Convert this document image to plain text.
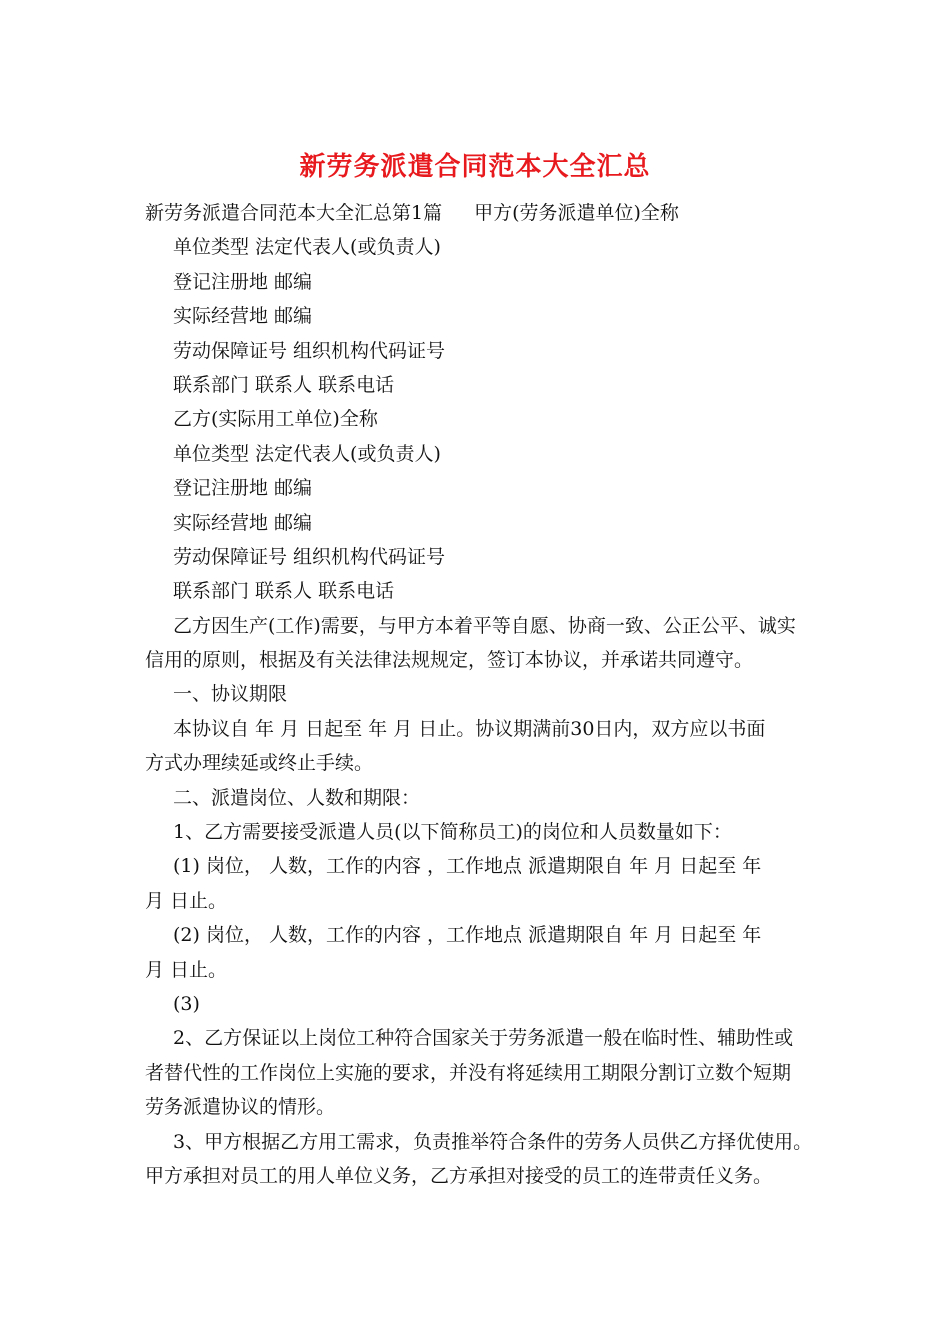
新劳务派遣合同范本大全汇总
新劳务派遣合同范本大全汇总第1篇 甲方(劳务派遣单位)全称
单位类型 法定代表人(或负责人)
登记注册地 邮编
实际经营地 邮编
劳动保障证号 组织机构代码证号
联系部门 联系人 联系电话
乙方(实际用工单位)全称
单位类型 法定代表人(或负责人)
登记注册地 邮编
实际经营地 邮编
劳动保障证号 组织机构代码证号
联系部门 联系人 联系电话
乙方因生产(工作)需要，与甲方本着平等自愿、协商一致、公正公平、诚实
信用的原则，根据及有关法律法规规定，签订本协议，并承诺共同遵守。
一、协议期限
本协议自 年 月 日起至 年 月 日止。协议期满前30日内，双方应以书面
方式办理续延或终止手续。
二、派遣岗位、人数和期限：
1、乙方需要接受派遣人员(以下简称员工)的岗位和人员数量如下：
(1) 岗位， 人数，工作的内容 ，工作地点 派遣期限自 年 月 日起至 年
月 日止。
(2) 岗位， 人数，工作的内容 ，工作地点 派遣期限自 年 月 日起至 年
月 日止。
(3)
2、乙方保证以上岗位工种符合国家关于劳务派遣一般在临时性、辅助性或
者替代性的工作岗位上实施的要求，并没有将延续用工期限分割订立数个短期
劳务派遣协议的情形。
3、甲方根据乙方用工需求，负责推举符合条件的劳务人员供乙方择优使用。
甲方承担对员工的用人单位义务，乙方承担对接受的员工的连带责任义务。
